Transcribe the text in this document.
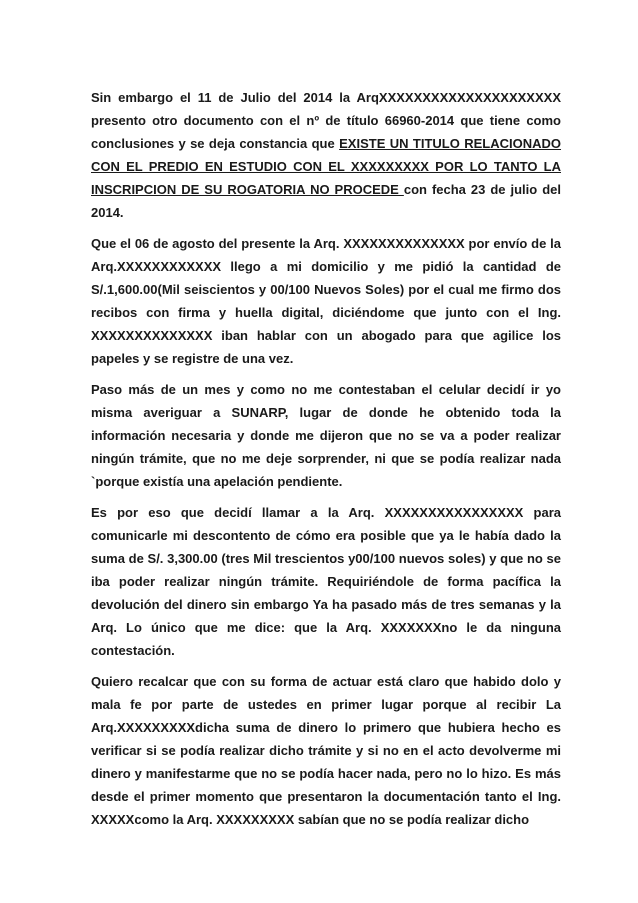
Sin embargo el 11 de Julio del 2014 la ArqXXXXXXXXXXXXXXXXXXXXX presento otro documento con el nº de título 66960-2014 que tiene como conclusiones y se deja constancia que EXISTE UN TITULO RELACIONADO CON EL PREDIO EN ESTUDIO CON EL XXXXXXXXX POR LO TANTO LA INSCRIPCION DE SU ROGATORIA NO PROCEDE con fecha 23 de julio del 2014.

Que el 06 de agosto del presente la Arq. XXXXXXXXXXXXXX por envío de la Arq.XXXXXXXXXXXX llego a mi domicilio y me pidió la cantidad de S/.1,600.00(Mil seiscientos y 00/100 Nuevos Soles) por el cual me firmo dos recibos con firma y huella digital, diciéndome que junto con el Ing. XXXXXXXXXXXXXX iban hablar con un abogado para que agilice los papeles y se registre de una vez.

Paso más de un mes y como no me contestaban el celular decidí ir yo misma averiguar a SUNARP, lugar de donde he obtenido toda la información necesaria y donde me dijeron que no se va a poder realizar ningún trámite, que no me deje sorprender, ni que se podía realizar nada `porque existía una apelación pendiente.

Es por eso que decidí llamar a la Arq. XXXXXXXXXXXXXXXX para comunicarle mi descontento de cómo era posible que ya le había dado la suma de S/. 3,300.00 (tres Mil trescientos y00/100 nuevos soles) y que no se iba poder realizar ningún trámite. Requiriéndole de forma pacífica la devolución del dinero sin embargo Ya ha pasado más de tres semanas y la Arq. Lo único que me dice: que la Arq. XXXXXXXno le da ninguna contestación.

Quiero recalcar que con su forma de actuar está claro que habido dolo y mala fe por parte de ustedes en primer lugar porque al recibir La Arq.XXXXXXXXXdicha suma de dinero lo primero que hubiera hecho es verificar si se podía realizar dicho trámite y si no en el acto devolverme mi dinero y manifestarme que no se podía hacer nada, pero no lo hizo. Es más desde el primer momento que presentaron la documentación tanto el Ing. XXXXXcomo la Arq. XXXXXXXXX sabían que no se podía realizar dicho
